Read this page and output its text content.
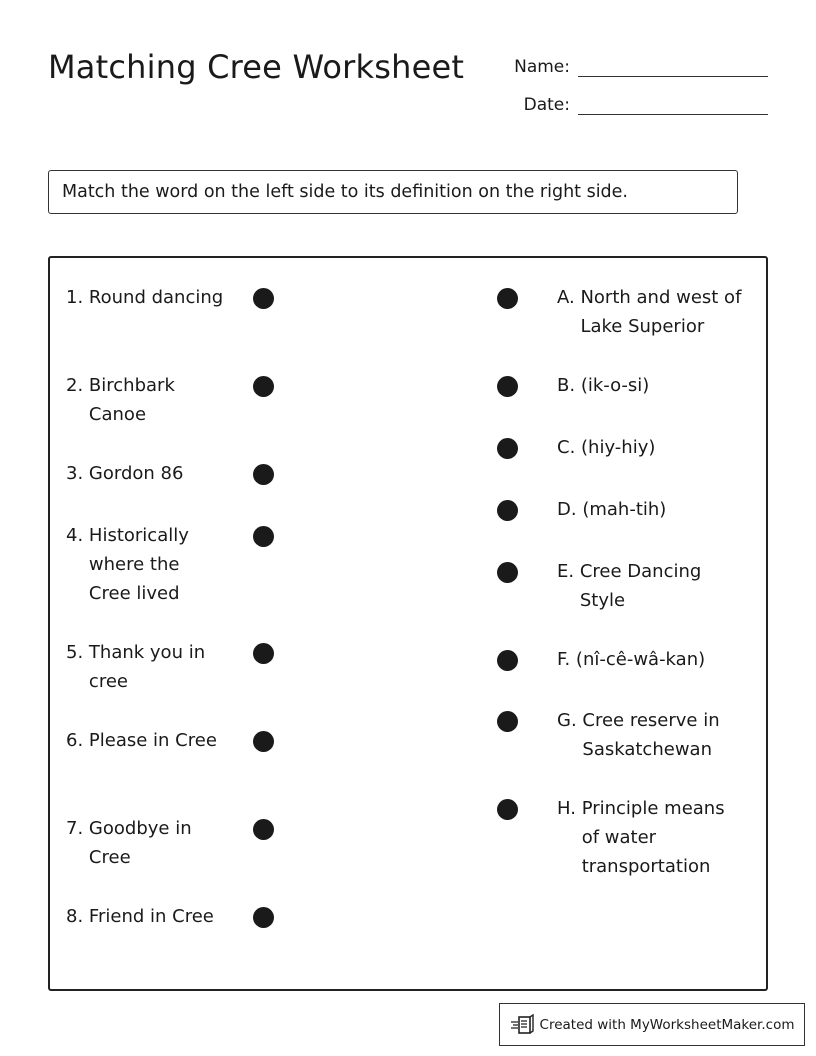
Matching Cree Worksheet	Name:
Date:
Match the word on the left side to its definition on the right side.
1.
Round dancing
2.
Birchbark Canoe
3.
Gordon 86
4.
Historically where the Cree lived
5.
Thank you in cree
6.
Please in Cree
7.
Goodbye in Cree
8.
Friend in Cree
A.
North and west of Lake Superior
B.
(ik-o-si)
C.
(hiy-hiy)
D.
(mah-tih)
E.
Cree Dancing Style
F.
(nî-cê-wâ-kan)
G.
Cree reserve in Saskatchewan
H.
Principle means of water transportation
Created with MyWorksheetMaker.com
